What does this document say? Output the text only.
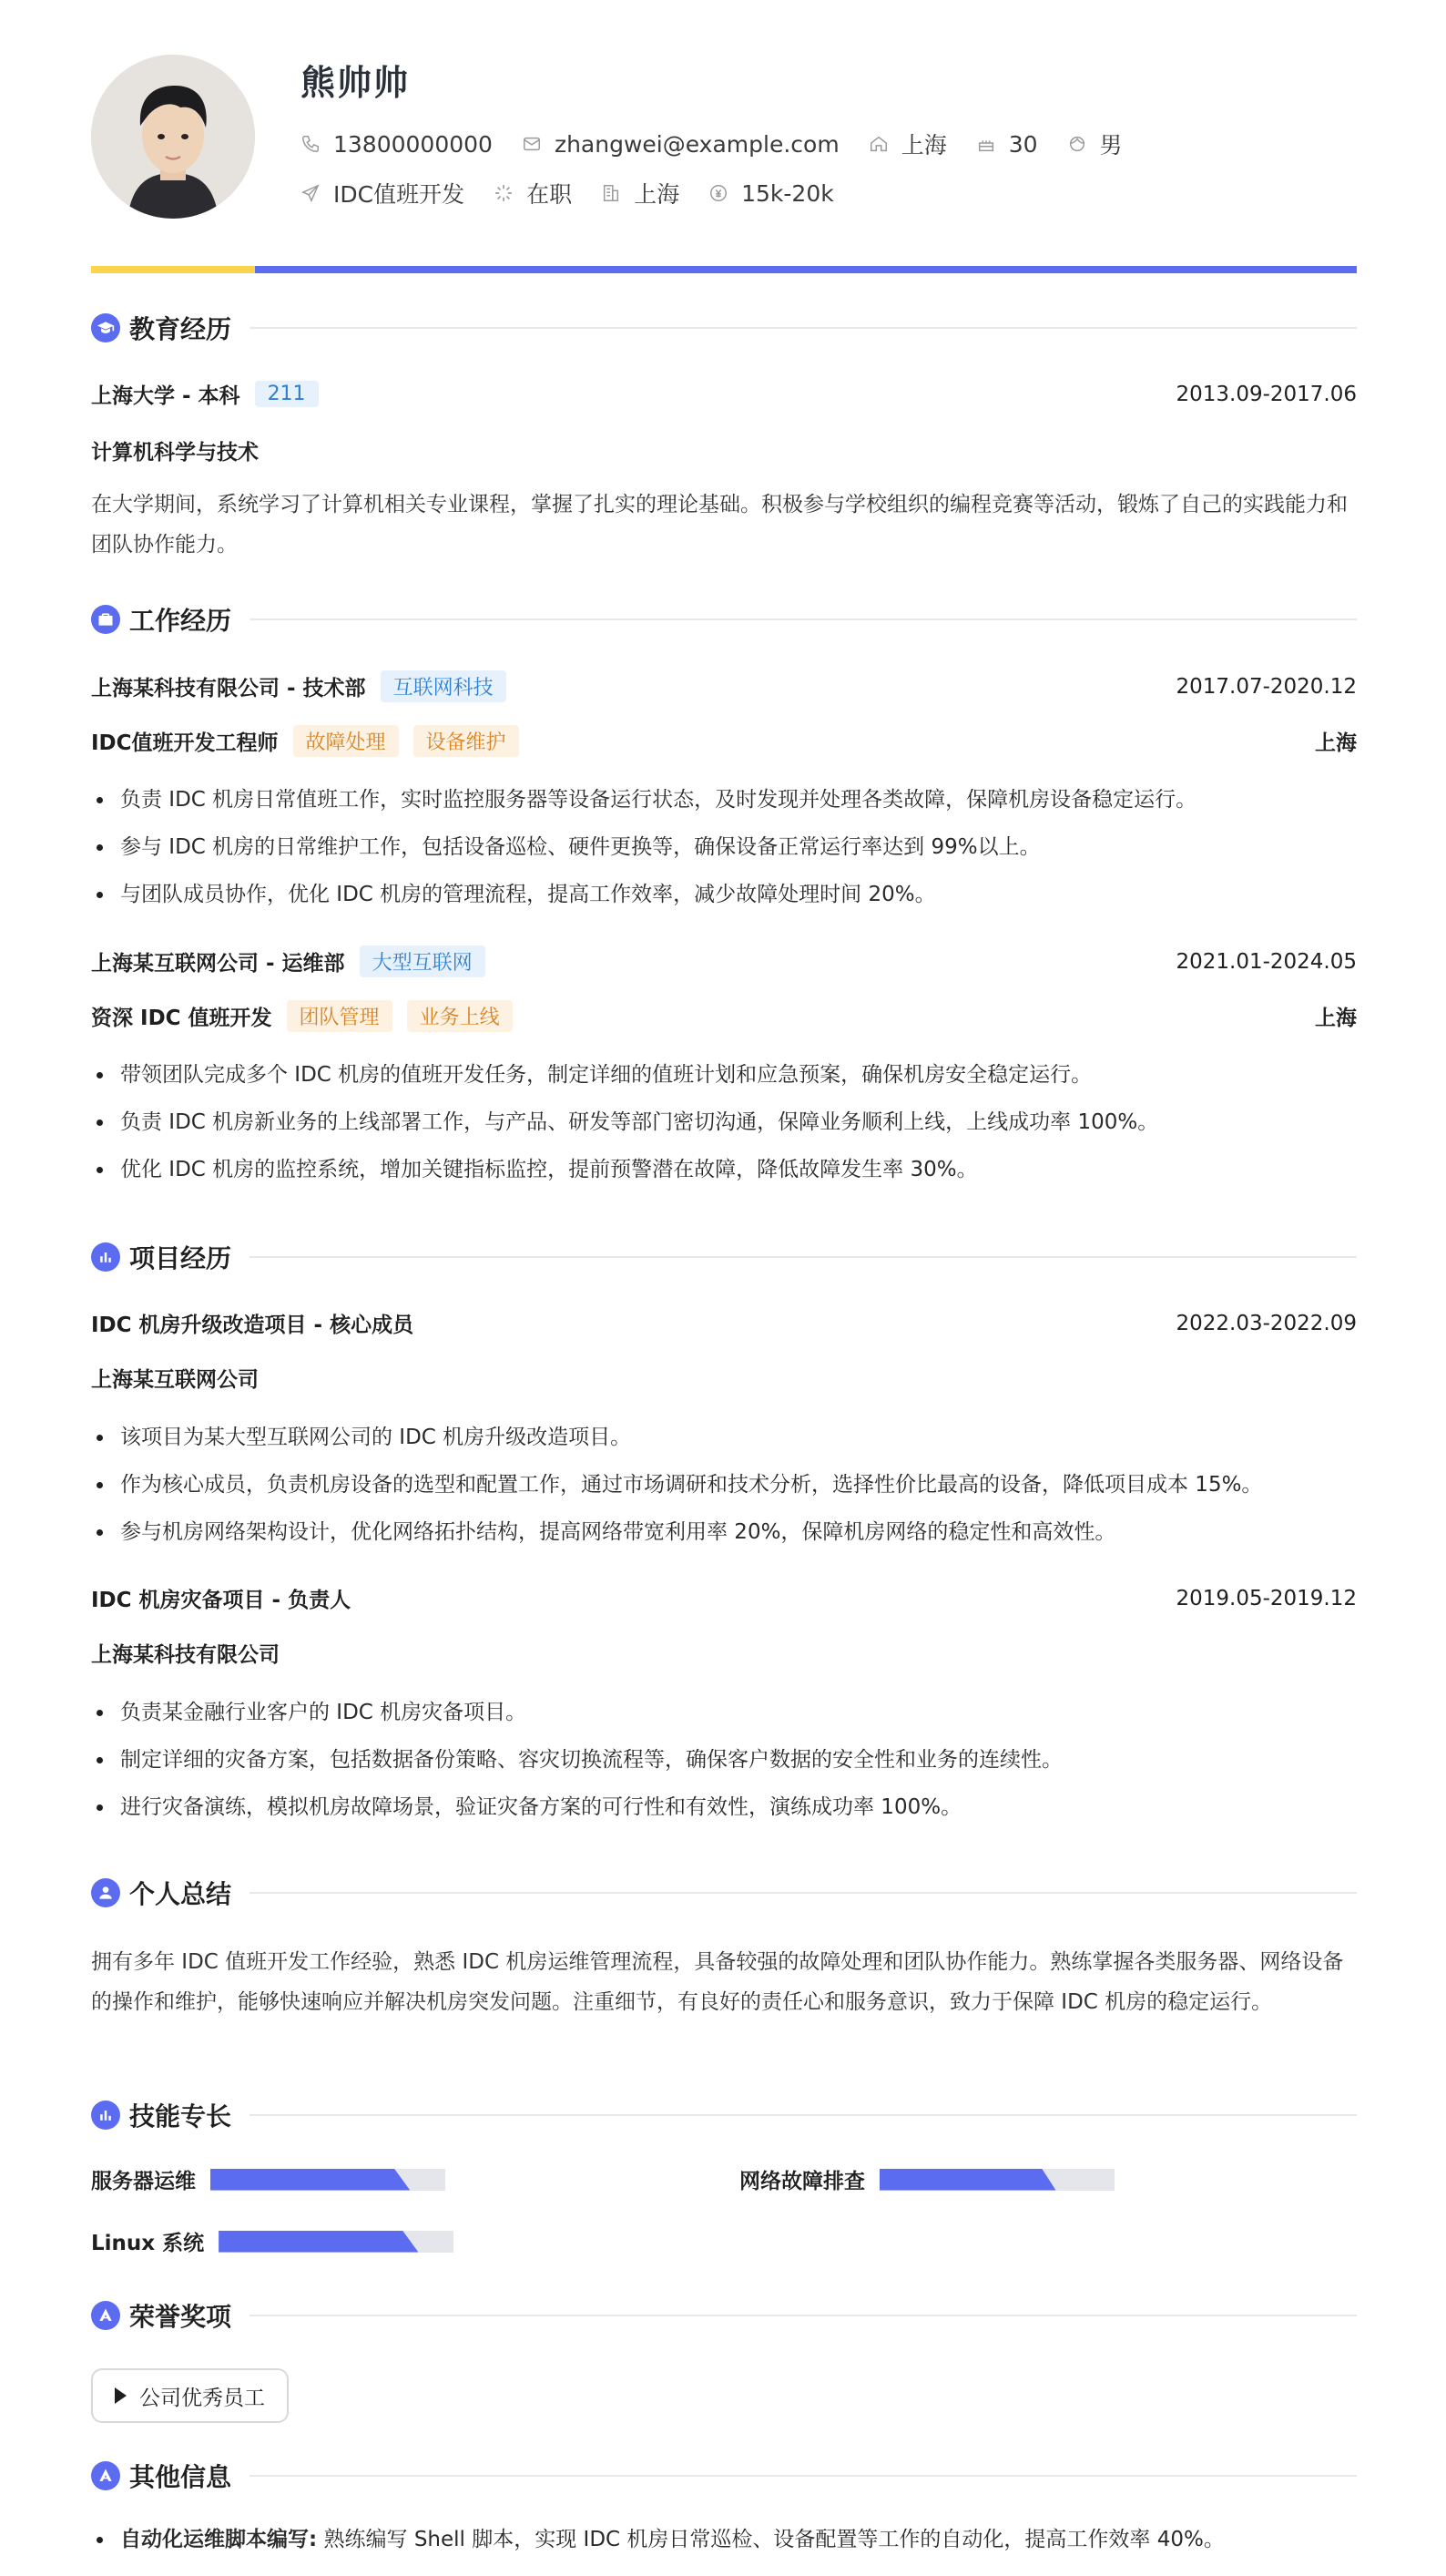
熊帅帅
13800000000	zhangwei@example.com	上海	30	男
IDC值班开发	在职	上海	15k-20k
教育经历
上海大学 - 本科	211	2013.09-2017.06
计算机科学与技术
在大学期间，系统学习了计算机相关专业课程，掌握了扎实的理论基础。积极参与学校组织的编程竞赛等活动，锻炼了自己的实践能力和团队协作能力。
工作经历
上海某科技有限公司 - 技术部	互联网科技	2017.07-2020.12
IDC值班开发工程师	故障处理	设备维护	上海
负责 IDC 机房日常值班工作，实时监控服务器等设备运行状态，及时发现并处理各类故障，保障机房设备稳定运行。
参与 IDC 机房的日常维护工作，包括设备巡检、硬件更换等，确保设备正常运行率达到 99%以上。
与团队成员协作，优化 IDC 机房的管理流程，提高工作效率，减少故障处理时间 20%。
上海某互联网公司 - 运维部	大型互联网	2021.01-2024.05
资深 IDC 值班开发	团队管理	业务上线	上海
带领团队完成多个 IDC 机房的值班开发任务，制定详细的值班计划和应急预案，确保机房安全稳定运行。
负责 IDC 机房新业务的上线部署工作，与产品、研发等部门密切沟通，保障业务顺利上线，上线成功率 100%。
优化 IDC 机房的监控系统，增加关键指标监控，提前预警潜在故障，降低故障发生率 30%。
项目经历
IDC 机房升级改造项目 - 核心成员	2022.03-2022.09
上海某互联网公司
该项目为某大型互联网公司的 IDC 机房升级改造项目。
作为核心成员，负责机房设备的选型和配置工作，通过市场调研和技术分析，选择性价比最高的设备，降低项目成本 15%。
参与机房网络架构设计，优化网络拓扑结构，提高网络带宽利用率 20%，保障机房网络的稳定性和高效性。
IDC 机房灾备项目 - 负责人	2019.05-2019.12
上海某科技有限公司
负责某金融行业客户的 IDC 机房灾备项目。
制定详细的灾备方案，包括数据备份策略、容灾切换流程等，确保客户数据的安全性和业务的连续性。
进行灾备演练，模拟机房故障场景，验证灾备方案的可行性和有效性，演练成功率 100%。
个人总结
拥有多年 IDC 值班开发工作经验，熟悉 IDC 机房运维管理流程，具备较强的故障处理和团队协作能力。熟练掌握各类服务器、网络设备的操作和维护，能够快速响应并解决机房突发问题。注重细节，有良好的责任心和服务意识，致力于保障 IDC 机房的稳定运行。
技能专长
服务器运维	网络故障排查
Linux 系统
荣誉奖项
公司优秀员工
其他信息
自动化运维脚本编写: 熟练编写 Shell 脚本，实现 IDC 机房日常巡检、设备配置等工作的自动化，提高工作效率 40%。
